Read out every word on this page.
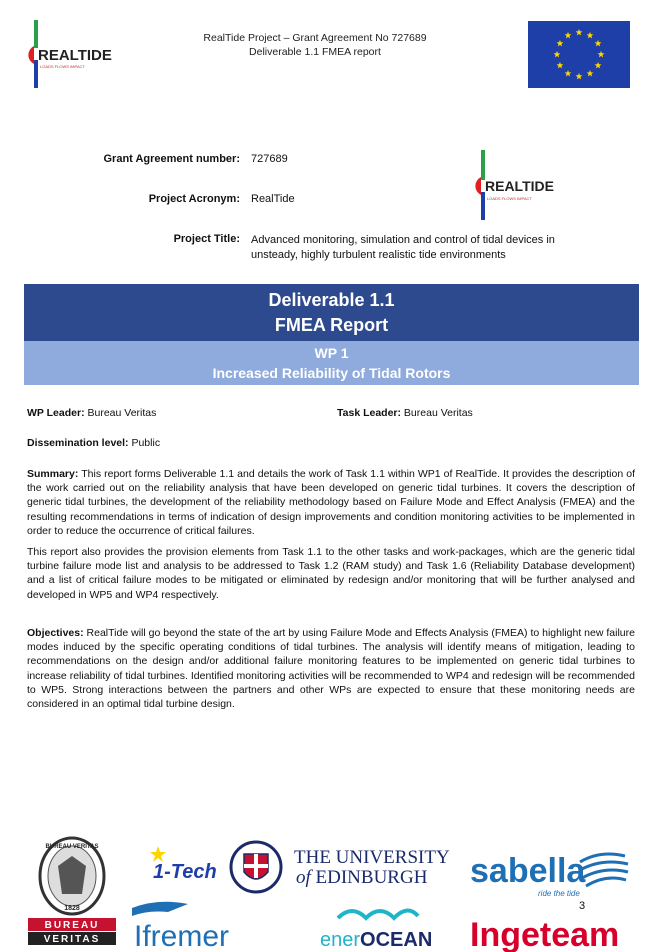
REALTIDE
LOADS FLOWS IMPACT
RealTide Project – Grant Agreement No 727689
Deliverable 1.1 FMEA report
Grant Agreement number: 727689
REALTIDE
LOADS FLOWS IMPACT
Project Acronym: RealTide
Project Title: Advanced monitoring, simulation and control of tidal devices in
unsteady, highly turbulent realistic tide environments
Deliverable 1.1
FMEA Report
WP 1
Increased Reliability of Tidal Rotors
WP Leader: Bureau Veritas	Task Leader: Bureau Veritas
Dissemination level: Public
Summary: This report forms Deliverable 1.1 and details the work of Task 1.1 within WP1 of RealTide. It provides the description of the work carried out on the reliability analysis that have been developed on generic tidal turbines. It covers the description of generic tidal turbines, the development of the reliability methodology based on Failure Mode and Effect Analysis (FMEA) and the resulting recommendations in terms of indication of design improvements and condition monitoring activities to be implemented in order to reduce the occurrence of critical failures.
This report also provides the provision elements from Task 1.1 to the other tasks and work-packages, which are the generic tidal turbine failure mode list and analysis to be addressed to Task 1.2 (RAM study) and Task 1.6 (Reliability Database development) and a list of critical failure modes to be mitigated or eliminated by redesign and/or monitoring that will be further analysed and developed in WP5 and WP4 respectively.
Objectives: RealTide will go beyond the state of the art by using Failure Mode and Effects Analysis (FMEA) to highlight new failure modes induced by the specific operating conditions of tidal turbines. The analysis will identify means of mitigation, leading to recommendations on the design and/or additional failure monitoring features to be implemented on generic tidal turbines to increase reliability of tidal turbines. Identified monitoring activities will be recommended to WP4 and redesign will be recommended to WP5. Strong interactions between the partners and other WPs are expected to ensure that these monitoring needs are considered in an optimal tidal turbine design.
BUREAU VERITAS
1828
BUREAU
VERITAS
1-Tech
THE UNIVERSITY
of EDINBURGH	sabella
ride the tide
3
Ifremer	enerOCEAN Ingeteam
